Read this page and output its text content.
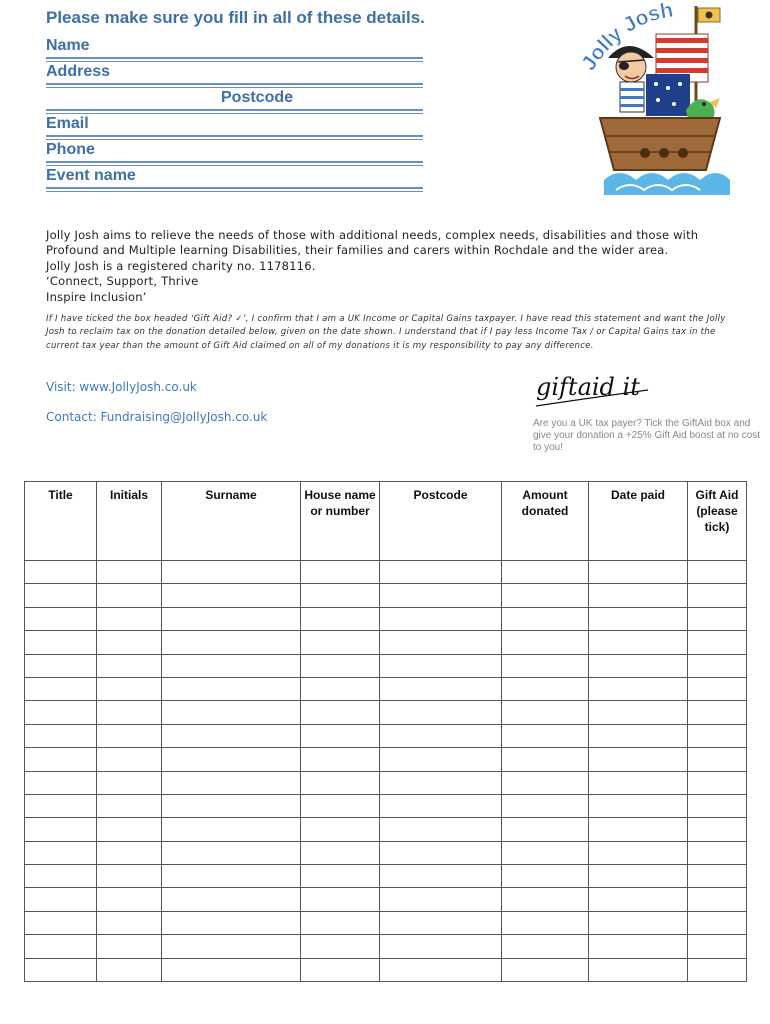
Please make sure you fill in all of these details.
Name
Address
Postcode
Email
Phone
Event name
Jolly Josh

Jolly Josh aims to relieve the needs of those with additional needs, complex needs, disabilities and those with Profound and Multiple learning Disabilities, their families and carers within Rochdale and the wider area.

Jolly Josh is a registered charity no. 1178116.

‘Connect, Support, Thrive

Inspire Inclusion’

If I have ticked the box headed ‘Gift Aid? ✓’, I confirm that I am a UK Income or Capital Gains taxpayer. I have read this statement and want the Jolly Josh to reclaim tax on the donation detailed below, given on the date shown. I understand that if I pay less Income Tax / or Capital Gains tax in the current tax year than the amount of Gift Aid claimed on all of my donations it is my responsibility to pay any difference.
Visit: www.JollyJosh.co.uk
Contact: Fundraising@JollyJosh.co.uk
giftaid it
Are you a UK tax payer? Tick the GiftAid box and give your donation a +25% Gift Aid boost at no cost to you!
Title	Initials	Surname	House name or number	Postcode	Amount donated	Date paid	Gift Aid (please tick)
